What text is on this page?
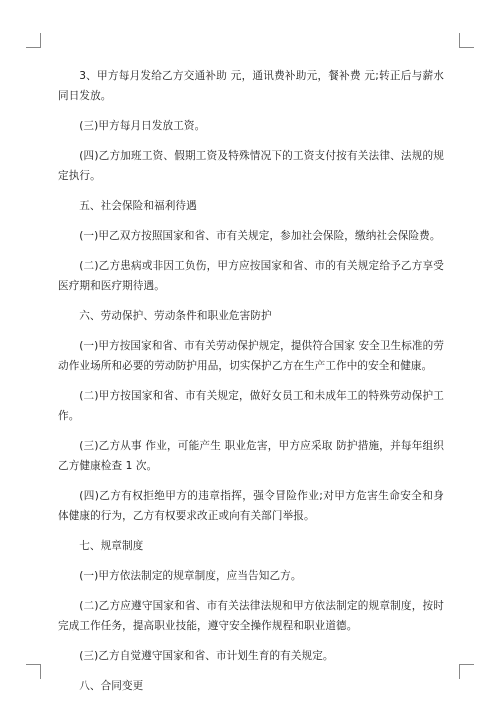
3、甲方每月发给乙方交通补助 元，通讯费补助元，餐补费 元;转正后与薪水同日发放。

(三)甲方每月日发放工资。

(四)乙方加班工资、假期工资及特殊情况下的工资支付按有关法律、法规的规定执行。

五、社会保险和福利待遇

(一)甲乙双方按照国家和省、市有关规定，参加社会保险，缴纳社会保险费。

(二)乙方患病或非因工负伤，甲方应按国家和省、市的有关规定给予乙方享受医疗期和医疗期待遇。

六、劳动保护、劳动条件和职业危害防护

(一)甲方按国家和省、市有关劳动保护规定，提供符合国家 安全卫生标准的劳动作业场所和必要的劳动防护用品，切实保护乙方在生产工作中的安全和健康。

(二)甲方按国家和省、市有关规定，做好女员工和未成年工的特殊劳动保护工作。

(三)乙方从事 作业，可能产生 职业危害，甲方应采取 防护措施，并每年组织乙方健康检查 1 次。

(四)乙方有权拒绝甲方的违章指挥，强令冒险作业;对甲方危害生命安全和身体健康的行为，乙方有权要求改正或向有关部门举报。

七、规章制度

(一)甲方依法制定的规章制度，应当告知乙方。

(二)乙方应遵守国家和省、市有关法律法规和甲方依法制定的规章制度，按时完成工作任务，提高职业技能，遵守安全操作规程和职业道德。

(三)乙方自觉遵守国家和省、市计划生育的有关规定。

八、合同变更
